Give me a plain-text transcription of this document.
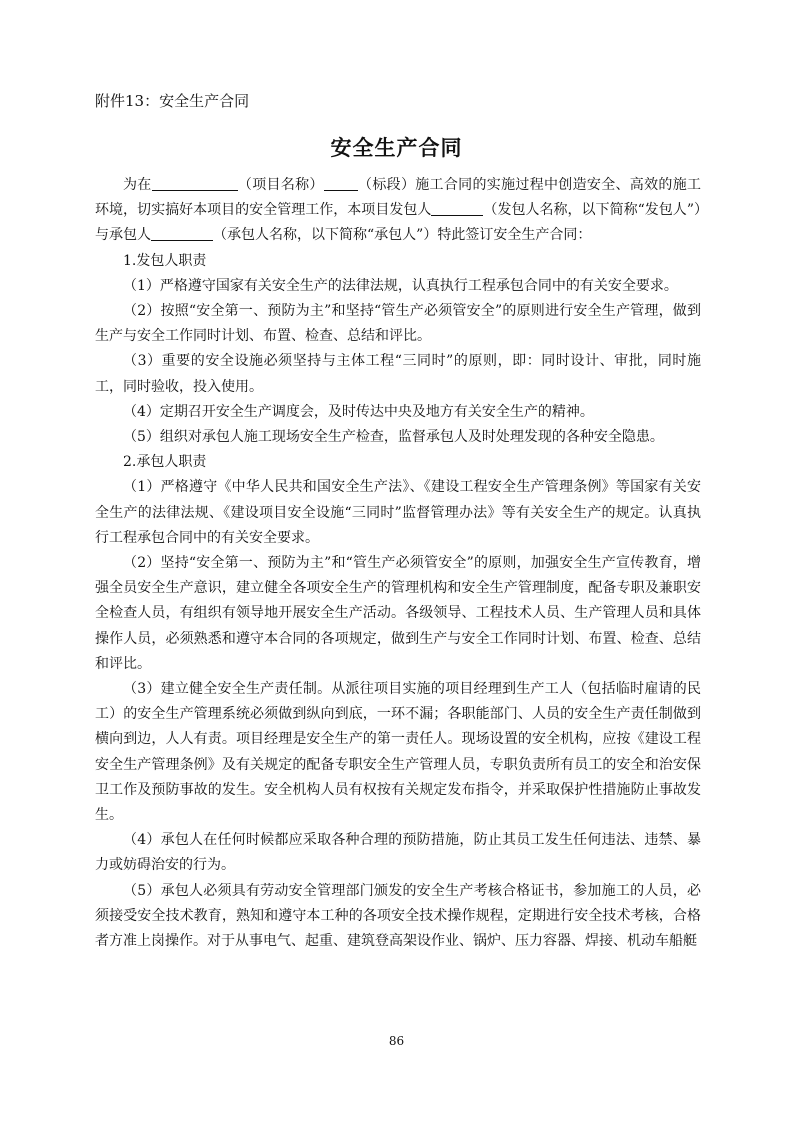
附件13：安全生产合同
安全生产合同

为在	（项目名称） （标段）施工合同的实施过程中创造安全、高效的施工环境，切实搞好本项目的安全管理工作，本项目发包人	（发包人名称，以下简称“发包人”）与承包人	（承包人名称，以下简称“承包人”）特此签订安全生产合同：

1.发包人职责

（1）严格遵守国家有关安全生产的法律法规，认真执行工程承包合同中的有关安全要求。

（2）按照“安全第一、预防为主”和坚持“管生产必须管安全”的原则进行安全生产管理，做到生产与安全工作同时计划、布置、检查、总结和评比。

（3）重要的安全设施必须坚持与主体工程“三同时”的原则，即：同时设计、审批，同时施工，同时验收，投入使用。

（4）定期召开安全生产调度会，及时传达中央及地方有关安全生产的精神。

（5）组织对承包人施工现场安全生产检查，监督承包人及时处理发现的各种安全隐患。

2.承包人职责

（1）严格遵守《中华人民共和国安全生产法》、《建设工程安全生产管理条例》等国家有关安全生产的法律法规、《建设项目安全设施“三同时”监督管理办法》等有关安全生产的规定。认真执行工程承包合同中的有关安全要求。

（2）坚持“安全第一、预防为主”和“管生产必须管安全”的原则，加强安全生产宣传教育，增强全员安全生产意识，建立健全各项安全生产的管理机构和安全生产管理制度，配备专职及兼职安全检查人员，有组织有领导地开展安全生产活动。各级领导、工程技术人员、生产管理人员和具体操作人员，必须熟悉和遵守本合同的各项规定，做到生产与安全工作同时计划、布置、检查、总结和评比。

（3）建立健全安全生产责任制。从派往项目实施的项目经理到生产工人（包括临时雇请的民工）的安全生产管理系统必须做到纵向到底，一环不漏；各职能部门、人员的安全生产责任制做到横向到边，人人有责。项目经理是安全生产的第一责任人。现场设置的安全机构，应按《建设工程安全生产管理条例》及有关规定的配备专职安全生产管理人员，专职负责所有员工的安全和治安保卫工作及预防事故的发生。安全机构人员有权按有关规定发布指令，并采取保护性措施防止事故发生。

（4）承包人在任何时候都应采取各种合理的预防措施，防止其员工发生任何违法、违禁、暴力或妨碍治安的行为。

（5）承包人必须具有劳动安全管理部门颁发的安全生产考核合格证书，参加施工的人员，必须接受安全技术教育，熟知和遵守本工种的各项安全技术操作规程，定期进行安全技术考核，合格者方准上岗操作。对于从事电气、起重、建筑登高架设作业、锅炉、压力容器、焊接、机动车船艇

86
